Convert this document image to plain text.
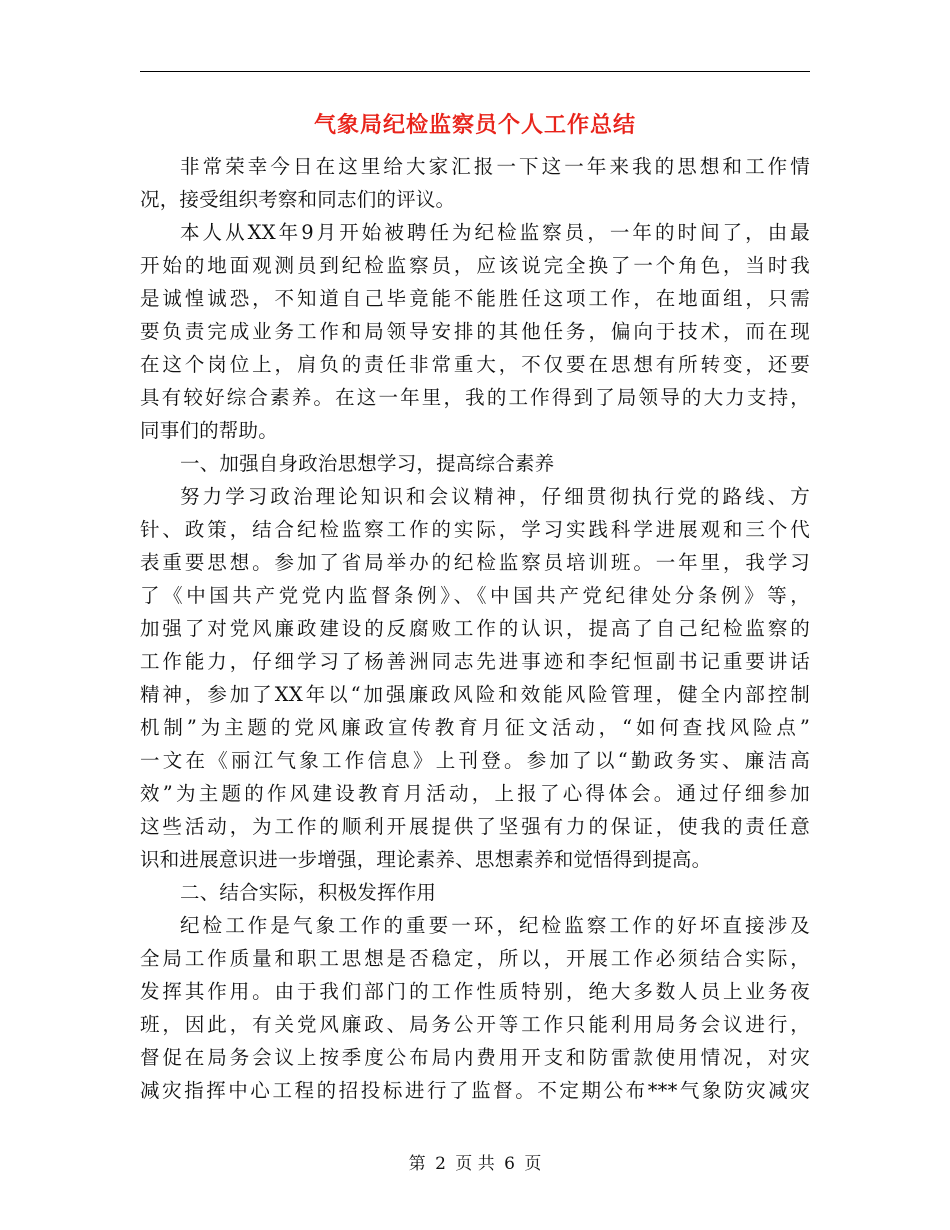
气象局纪检监察员个人工作总结
非常荣幸今日在这里给大家汇报一下这一年来我的思想和工作情
况，接受组织考察和同志们的评议。
本人从XX年9月开始被聘任为纪检监察员，一年的时间了，由最
开始的地面观测员到纪检监察员，应该说完全换了一个角色，当时我
是诚惶诚恐，不知道自己毕竟能不能胜任这项工作，在地面组，只需
要负责完成业务工作和局领导安排的其他任务，偏向于技术，而在现
在这个岗位上，肩负的责任非常重大，不仅要在思想有所转变，还要
具有较好综合素养。在这一年里，我的工作得到了局领导的大力支持，
同事们的帮助。
一、加强自身政治思想学习，提高综合素养
努力学习政治理论知识和会议精神，仔细贯彻执行党的路线、方
针、政策，结合纪检监察工作的实际，学习实践科学进展观和三个代
表重要思想。参加了省局举办的纪检监察员培训班。一年里，我学习
了《中国共产党党内监督条例》、《中国共产党纪律处分条例》等，
加强了对党风廉政建设的反腐败工作的认识，提高了自己纪检监察的
工作能力，仔细学习了杨善洲同志先进事迹和李纪恒副书记重要讲话
精神，参加了XX年以“加强廉政风险和效能风险管理，健全内部控制
机制”为主题的党风廉政宣传教育月征文活动，“如何查找风险点”
一文在《丽江气象工作信息》上刊登。参加了以“勤政务实、廉洁高
效”为主题的作风建设教育月活动，上报了心得体会。通过仔细参加
这些活动，为工作的顺利开展提供了坚强有力的保证，使我的责任意
识和进展意识进一步增强，理论素养、思想素养和觉悟得到提高。
二、结合实际，积极发挥作用
纪检工作是气象工作的重要一环，纪检监察工作的好坏直接涉及
全局工作质量和职工思想是否稳定，所以，开展工作必须结合实际，
发挥其作用。由于我们部门的工作性质特别，绝大多数人员上业务夜
班，因此，有关党风廉政、局务公开等工作只能利用局务会议进行，
督促在局务会议上按季度公布局内费用开支和防雷款使用情况，对灾
减灾指挥中心工程的招投标进行了监督。不定期公布***气象防灾减灾
第 2 页 共 6 页
